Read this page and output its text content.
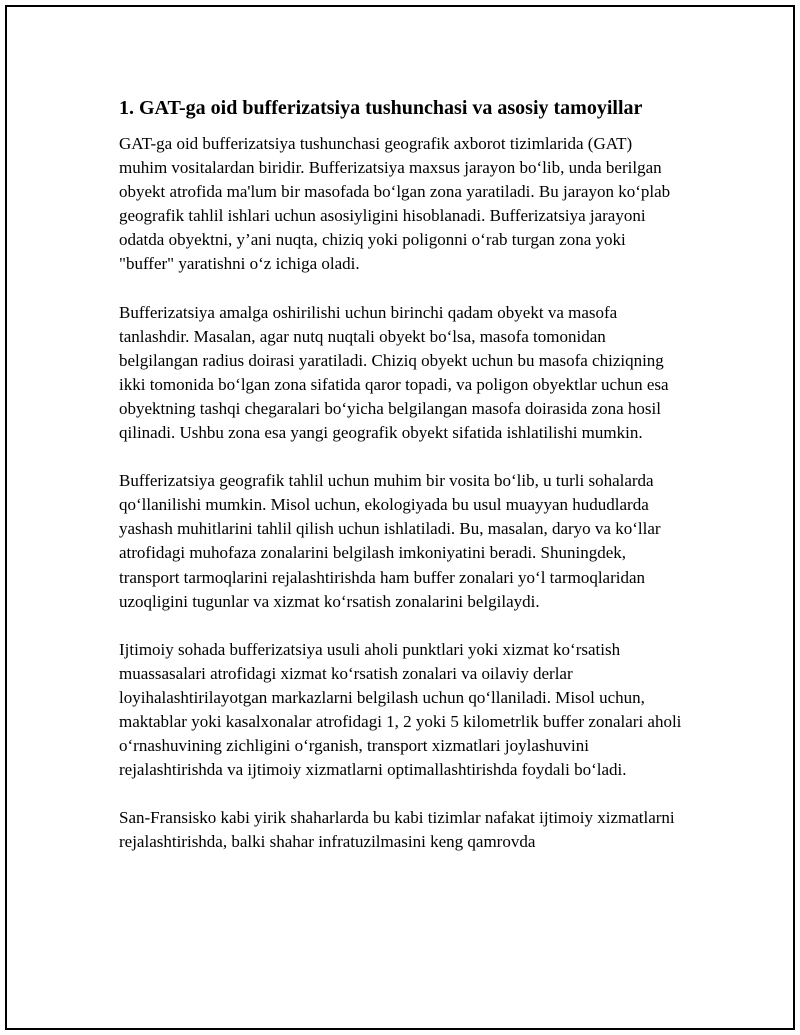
1. GAT-ga oid bufferizatsiya tushunchasi va asosiy tamoyillar

GAT-ga oid bufferizatsiya tushunchasi geografik axborot tizimlarida (GAT) muhim vositalardan biridir. Bufferizatsiya maxsus jarayon bo‘lib, unda berilgan obyekt atrofida ma'lum bir masofada bo‘lgan zona yaratiladi. Bu jarayon ko‘plab geografik tahlil ishlari uchun asosiyligini hisoblanadi. Bufferizatsiya jarayoni odatda obyektni, y’ani nuqta, chiziq yoki poligonni o‘rab turgan zona yoki "buffer" yaratishni o‘z ichiga oladi.

Bufferizatsiya amalga oshirilishi uchun birinchi qadam obyekt va masofa tanlashdir. Masalan, agar nutq nuqtali obyekt bo‘lsa, masofa tomonidan belgilangan radius doirasi yaratiladi. Chiziq obyekt uchun bu masofa chiziqning ikki tomonida bo‘lgan zona sifatida qaror topadi, va poligon obyektlar uchun esa obyektning tashqi chegaralari bo‘yicha belgilangan masofa doirasida zona hosil qilinadi. Ushbu zona esa yangi geografik obyekt sifatida ishlatilishi mumkin.

Bufferizatsiya geografik tahlil uchun muhim bir vosita bo‘lib, u turli sohalarda qo‘llanilishi mumkin. Misol uchun, ekologiyada bu usul muayyan hududlarda yashash muhitlarini tahlil qilish uchun ishlatiladi. Bu, masalan, daryo va ko‘llar atrofidagi muhofaza zonalarini belgilash imkoniyatini beradi. Shuningdek, transport tarmoqlarini rejalashtirishda ham buffer zonalari yo‘l tarmoqlaridan uzoqligini tugunlar va xizmat ko‘rsatish zonalarini belgilaydi.

Ijtimoiy sohada bufferizatsiya usuli aholi punktlari yoki xizmat ko‘rsatish muassasalari atrofidagi xizmat ko‘rsatish zonalari va oilaviy derlar loyihalashtirilayotgan markazlarni belgilash uchun qo‘llaniladi. Misol uchun, maktablar yoki kasalxonalar atrofidagi 1, 2 yoki 5 kilometrlik buffer zonalari aholi o‘rnashuvining zichligini o‘rganish, transport xizmatlari joylashuvini rejalashtirishda va ijtimoiy xizmatlarni optimallashtirishda foydali bo‘ladi.

San-Fransisko kabi yirik shaharlarda bu kabi tizimlar nafakat ijtimoiy xizmatlarni rejalashtirishda, balki shahar infratuzilmasini keng qamrovda
